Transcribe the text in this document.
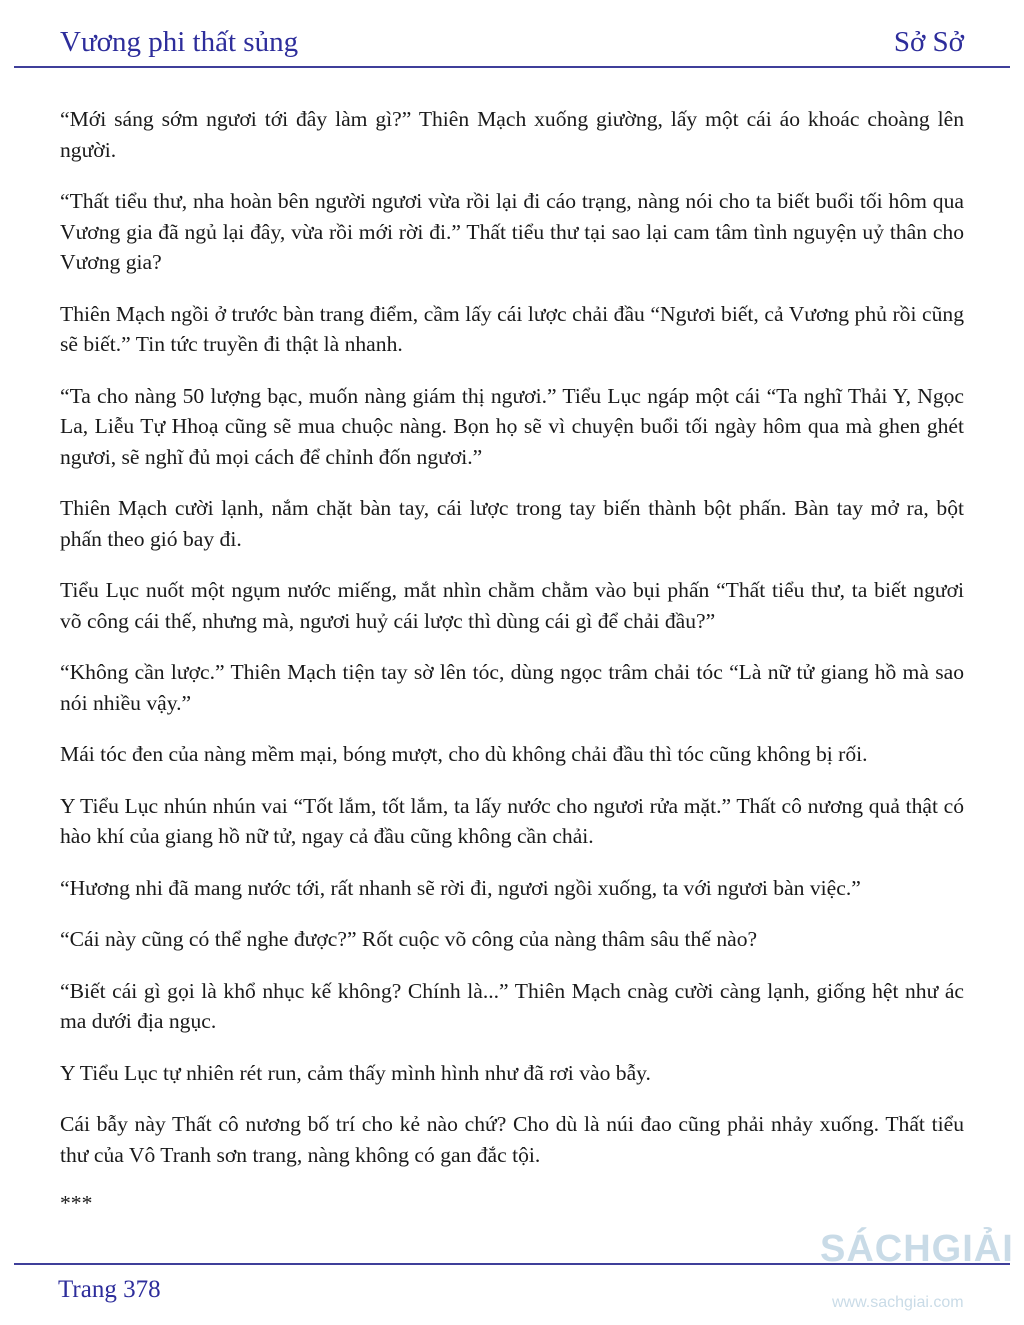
Vương phi thất sủng	Sở Sở

“Mới sáng sớm ngươi tới đây làm gì?” Thiên Mạch xuống giường, lấy một cái áo khoác choàng lên người.

“Thất tiểu thư, nha hoàn bên người ngươi vừa rồi lại đi cáo trạng, nàng nói cho ta biết buổi tối hôm qua Vương gia đã ngủ lại đây, vừa rồi mới rời đi.” Thất tiểu thư tại sao lại cam tâm tình nguyện uỷ thân cho Vương gia?

Thiên Mạch ngồi ở trước bàn trang điểm, cầm lấy cái lược chải đầu “Ngươi biết, cả Vương phủ rồi cũng sẽ biết.” Tin tức truyền đi thật là nhanh.

“Ta cho nàng 50 lượng bạc, muốn nàng giám thị ngươi.” Tiểu Lục ngáp một cái “Ta nghĩ Thải Y, Ngọc La, Liễu Tự Hhoạ cũng sẽ mua chuộc nàng. Bọn họ sẽ vì chuyện buổi tối ngày hôm qua mà ghen ghét ngươi, sẽ nghĩ đủ mọi cách để chỉnh đốn ngươi.”

Thiên Mạch cười lạnh, nắm chặt bàn tay, cái lược trong tay biến thành bột phấn. Bàn tay mở ra, bột phấn theo gió bay đi.

Tiểu Lục nuốt một ngụm nước miếng, mắt nhìn chằm chằm vào bụi phấn “Thất tiểu thư, ta biết ngươi võ công cái thế, nhưng mà, ngươi huỷ cái lược thì dùng cái gì để chải đầu?”

“Không cần lược.” Thiên Mạch tiện tay sờ lên tóc, dùng ngọc trâm chải tóc “Là nữ tử giang hồ mà sao nói nhiều vậy.”

Mái tóc đen của nàng mềm mại, bóng mượt, cho dù không chải đầu thì tóc cũng không bị rối.

Y Tiểu Lục nhún nhún vai “Tốt lắm, tốt lắm, ta lấy nước cho ngươi rửa mặt.” Thất cô nương quả thật có hào khí của giang hồ nữ tử, ngay cả đầu cũng không cần chải.

“Hương nhi đã mang nước tới, rất nhanh sẽ rời đi, ngươi ngồi xuống, ta với ngươi bàn việc.”

“Cái này cũng có thể nghe được?” Rốt cuộc võ công của nàng thâm sâu thế nào?

“Biết cái gì gọi là khổ nhục kế không? Chính là...” Thiên Mạch cnàg cười càng lạnh, giống hệt như ác ma dưới địa ngục.

Y Tiểu Lục tự nhiên rét run, cảm thấy mình hình như đã rơi vào bẫy.

Cái bẫy này Thất cô nương bố trí cho kẻ nào chứ? Cho dù là núi đao cũng phải nhảy xuống. Thất tiểu thư của Vô Tranh sơn trang, nàng không có gan đắc tội.

***
Trang 378
SÁCHGIẢI
www.sachgiai.com
